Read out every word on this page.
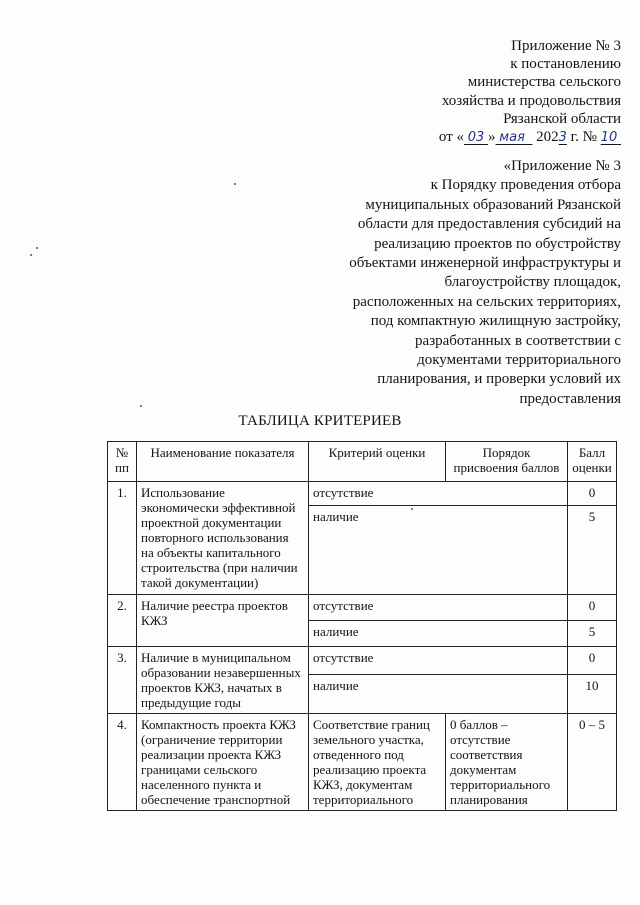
Приложение № 3
к постановлению
министерства сельского
хозяйства и продовольствия
Рязанской области
от « 03 » мая 2023 г. № 10
«Приложение № 3
к Порядку проведения отбора
муниципальных образований Рязанской
области для предоставления субсидий на
реализацию проектов по обустройству
объектами инженерной инфраструктуры и
благоустройству площадок,
расположенных на сельских территориях,
под компактную жилищную застройку,
разработанных в соответствии с
документами территориального
планирования, и проверки условий их
предоставления
ТАБЛИЦА КРИТЕРИЕВ
№ пп	Наименование показателя	Критерий оценки	Порядок присвоения баллов	Балл оценки
1.	Использование экономически эффективной проектной документации повторного использования на объекты капитального строительства (при наличии такой документации)	отсутствие		0
		наличие		5
2.	Наличие реестра проектов КЖЗ	отсутствие		0
		наличие		5
3.	Наличие в муниципальном образовании незавершенных проектов КЖЗ, начатых в предыдущие годы	отсутствие		0
		наличие		10
4.	Компактность проекта КЖЗ (ограничение территории реализации проекта КЖЗ границами сельского населенного пункта и обеспечение транспортной	Соответствие границ земельного участка, отведенного под реализацию проекта КЖЗ, документам территориального	0 баллов – отсутствие соответствия документам территориального планирования	0 – 5
